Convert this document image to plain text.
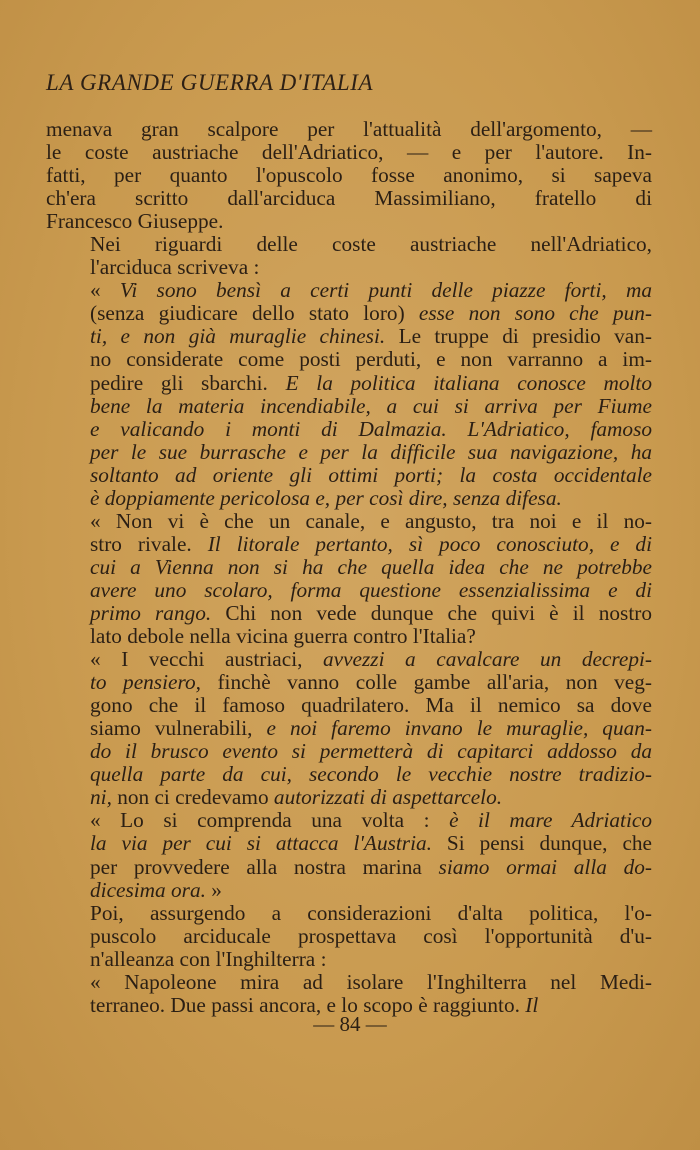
LA GRANDE GUERRA D'ITALIA

menava gran scalpore per l'attualità dell'argomento, —
le coste austriache dell'Adriatico, — e per l'autore. In-
fatti, per quanto l'opuscolo fosse anonimo, si sapeva
ch'era scritto dall'arciduca Massimiliano, fratello di
Francesco Giuseppe.

Nei riguardi delle coste austriache nell'Adriatico,
l'arciduca scriveva :

« Vi sono bensì a certi punti delle piazze forti, ma
(senza giudicare dello stato loro) esse non sono che pun-
ti, e non già muraglie chinesi. Le truppe di presidio van-
no considerate come posti perduti, e non varranno a im-
pedire gli sbarchi. E la politica italiana conosce molto
bene la materia incendiabile, a cui si arriva per Fiume
e valicando i monti di Dalmazia. L'Adriatico, famoso
per le sue burrasche e per la difficile sua navigazione, ha
soltanto ad oriente gli ottimi porti; la costa occidentale
è doppiamente pericolosa e, per così dire, senza difesa.

« Non vi è che un canale, e angusto, tra noi e il no-
stro rivale. Il litorale pertanto, sì poco conosciuto, e di
cui a Vienna non si ha che quella idea che ne potrebbe
avere uno scolaro, forma questione essenzialissima e di
primo rango. Chi non vede dunque che quivi è il nostro
lato debole nella vicina guerra contro l'Italia?

« I vecchi austriaci, avvezzi a cavalcare un decrepi-
to pensiero, finchè vanno colle gambe all'aria, non veg-
gono che il famoso quadrilatero. Ma il nemico sa dove
siamo vulnerabili, e noi faremo invano le muraglie, quan-
do il brusco evento si permetterà di capitarci addosso da
quella parte da cui, secondo le vecchie nostre tradizio-
ni, non ci credevamo autorizzati di aspettarcelo.

« Lo si comprenda una volta : è il mare Adriatico
la via per cui si attacca l'Austria. Si pensi dunque, che
per provvedere alla nostra marina siamo ormai alla do-
dicesima ora. »

Poi, assurgendo a considerazioni d'alta politica, l'o-
puscolo arciducale prospettava così l'opportunità d'u-
n'alleanza con l'Inghilterra :

« Napoleone mira ad isolare l'Inghilterra nel Medi-
terraneo. Due passi ancora, e lo scopo è raggiunto. Il

— 84 —
